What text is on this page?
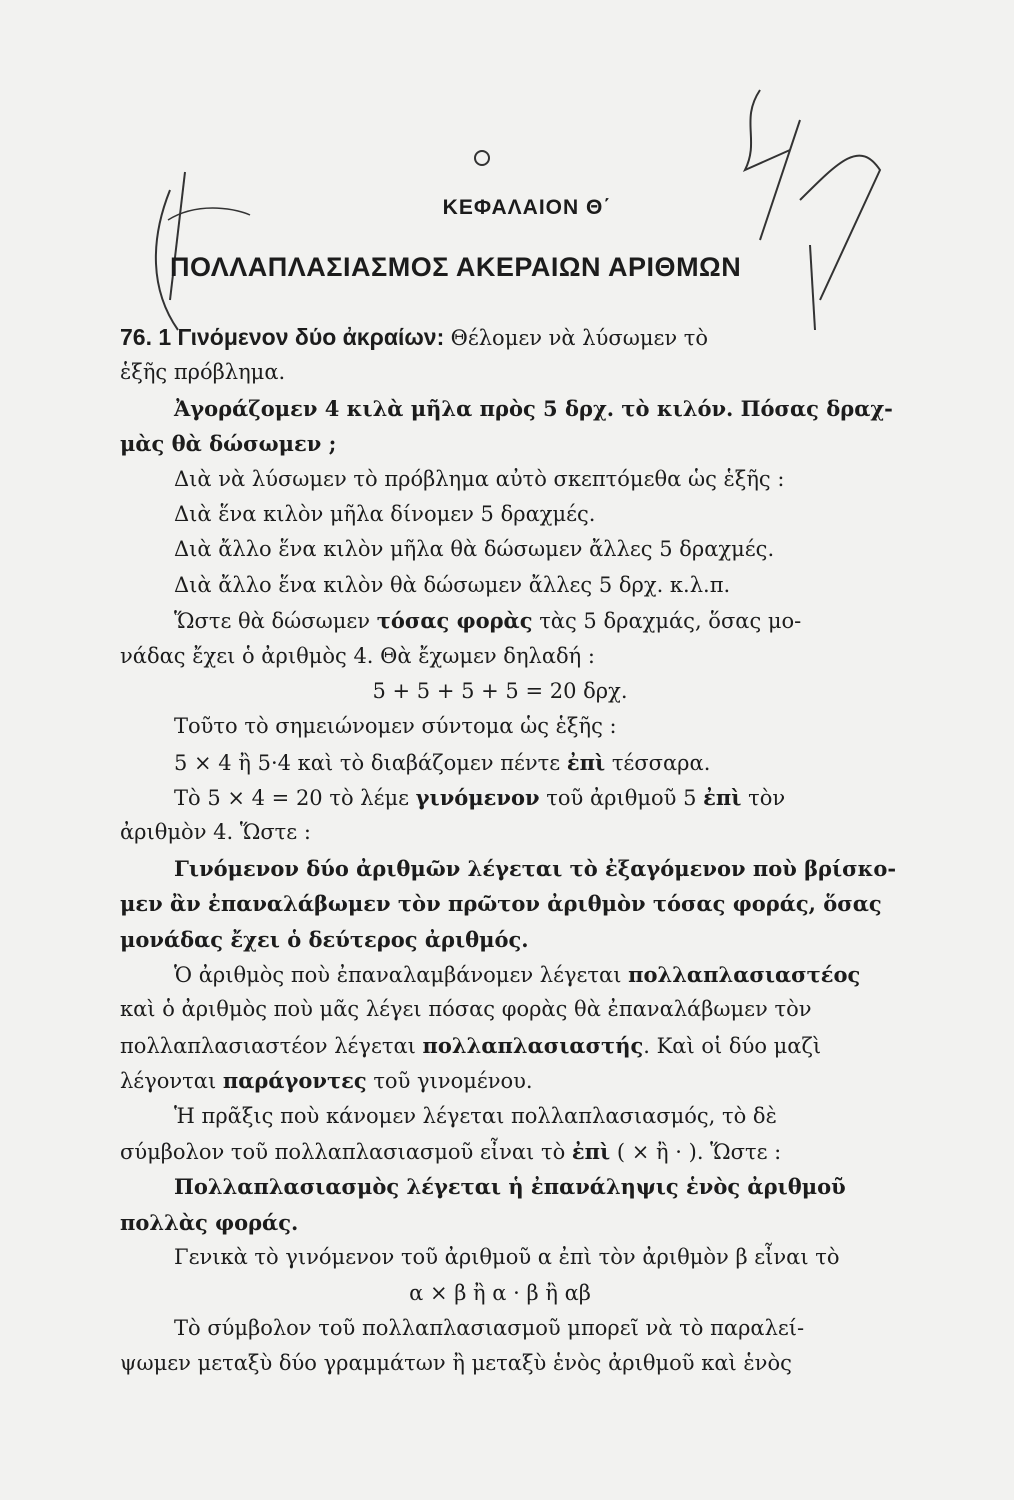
ΚΕΦΑΛΑΙΟΝ Θ΄
ΠΟΛΛΑΠΛΑΣΙΑΣΜΟΣ ΑΚΕΡΑΙΩΝ ΑΡΙΘΜΩΝ
76. 1 Γινόμενον δύο ἀκραίων: Θέλομεν νὰ λύσωμεν τὸ
ἑξῆς πρόβλημα.
Ἀγοράζομεν 4 κιλὰ μῆλα πρὸς 5 δρχ. τὸ κιλόν. Πόσας δραχ-
μὰς θὰ δώσωμεν ;
Διὰ νὰ λύσωμεν τὸ πρόβλημα αὐτὸ σκεπτόμεθα ὡς ἑξῆς :
Διὰ ἕνα κιλὸν μῆλα δίνομεν 5 δραχμές.
Διὰ ἄλλο ἕνα κιλὸν μῆλα θὰ δώσωμεν ἄλλες 5 δραχμές.
Διὰ ἄλλο ἕνα κιλὸν θὰ δώσωμεν ἄλλες 5 δρχ. κ.λ.π.
Ὥστε θὰ δώσωμεν τόσας φορὰς τὰς 5 δραχμάς, ὅσας μο-
νάδας ἔχει ὁ ἀριθμὸς 4. Θὰ ἔχωμεν δηλαδή :
5 + 5 + 5 + 5 = 20 δρχ.
Τοῦτο τὸ σημειώνομεν σύντομα ὡς ἑξῆς :
5 × 4 ἢ 5·4 καὶ τὸ διαβάζομεν πέντε ἐπὶ τέσσαρα.
Τὸ 5 × 4 = 20 τὸ λέμε γινόμενον τοῦ ἀριθμοῦ 5 ἐπὶ τὸν
ἀριθμὸν 4. Ὥστε :
Γινόμενον δύο ἀριθμῶν λέγεται τὸ ἐξαγόμενον ποὺ βρίσκο-
μεν ἂν ἐπαναλάβωμεν τὸν πρῶτον ἀριθμὸν τόσας φοράς, ὅσας
μονάδας ἔχει ὁ δεύτερος ἀριθμός.
Ὁ ἀριθμὸς ποὺ ἐπαναλαμβάνομεν λέγεται πολλαπλασιαστέος
καὶ ὁ ἀριθμὸς ποὺ μᾶς λέγει πόσας φορὰς θὰ ἐπαναλάβωμεν τὸν
πολλαπλασιαστέον λέγεται πολλαπλασιαστής. Καὶ οἱ δύο μαζὶ
λέγονται παράγοντες τοῦ γινομένου.
Ἡ πρᾶξις ποὺ κάνομεν λέγεται πολλαπλασιασμός, τὸ δὲ
σύμβολον τοῦ πολλαπλασιασμοῦ εἶναι τὸ ἐπὶ ( × ἢ · ). Ὥστε :
Πολλαπλασιασμὸς λέγεται ἡ ἐπανάληψις ἑνὸς ἀριθμοῦ
πολλὰς φοράς.
Γενικὰ τὸ γινόμενον τοῦ ἀριθμοῦ α ἐπὶ τὸν ἀριθμὸν β εἶναι τὸ
α × β ἢ α · β ἢ αβ
Τὸ σύμβολον τοῦ πολλαπλασιασμοῦ μπορεῖ νὰ τὸ παραλεί-
ψωμεν μεταξὺ δύο γραμμάτων ἢ μεταξὺ ἑνὸς ἀριθμοῦ καὶ ἑνὸς
